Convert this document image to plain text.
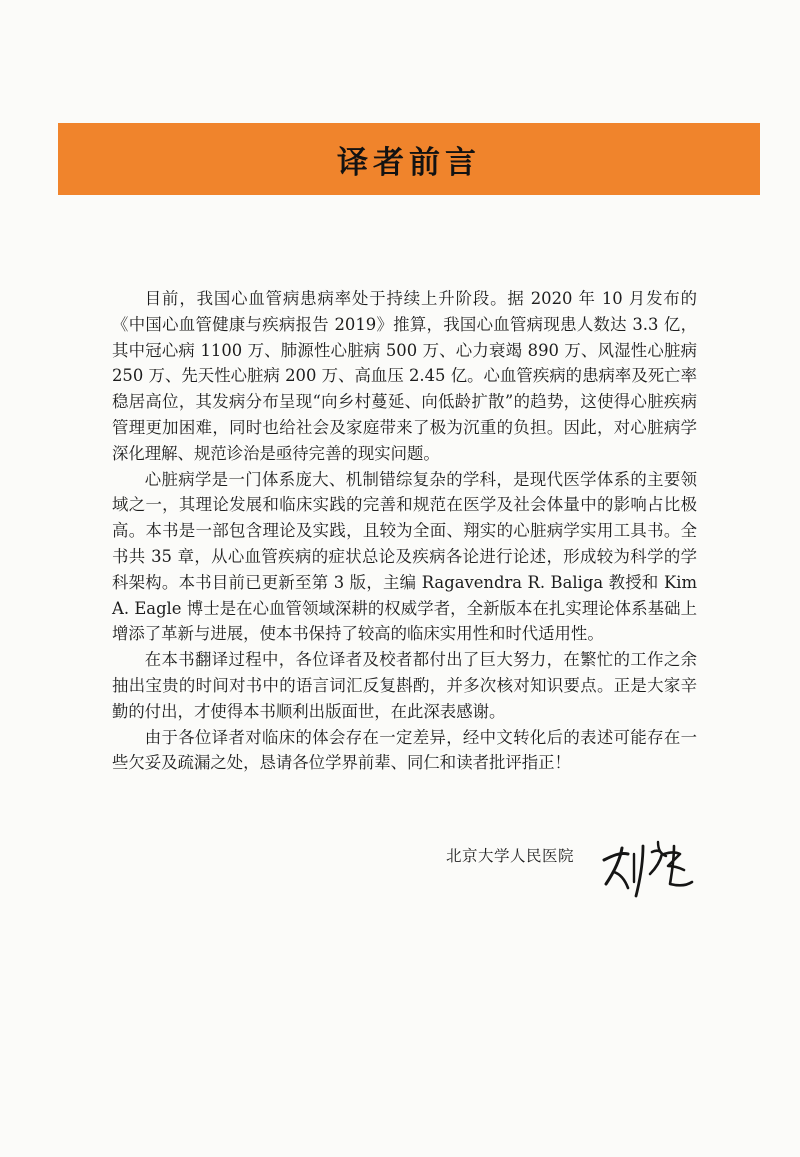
译者前言

目前，我国心血管病患病率处于持续上升阶段。据 2020 年 10 月发布的《中国心血管健康与疾病报告 2019》推算，我国心血管病现患人数达 3.3 亿，其中冠心病 1100 万、肺源性心脏病 500 万、心力衰竭 890 万、风湿性心脏病 250 万、先天性心脏病 200 万、高血压 2.45 亿。心血管疾病的患病率及死亡率稳居高位，其发病分布呈现“向乡村蔓延、向低龄扩散”的趋势，这使得心脏疾病管理更加困难，同时也给社会及家庭带来了极为沉重的负担。因此，对心脏病学深化理解、规范诊治是亟待完善的现实问题。

心脏病学是一门体系庞大、机制错综复杂的学科，是现代医学体系的主要领域之一，其理论发展和临床实践的完善和规范在医学及社会体量中的影响占比极高。本书是一部包含理论及实践，且较为全面、翔实的心脏病学实用工具书。全书共 35 章，从心血管疾病的症状总论及疾病各论进行论述，形成较为科学的学科架构。本书目前已更新至第 3 版，主编 Ragavendra R. Baliga 教授和 Kim A. Eagle 博士是在心血管领域深耕的权威学者，全新版本在扎实理论体系基础上增添了革新与进展，使本书保持了较高的临床实用性和时代适用性。

在本书翻译过程中，各位译者及校者都付出了巨大努力，在繁忙的工作之余抽出宝贵的时间对书中的语言词汇反复斟酌，并多次核对知识要点。正是大家辛勤的付出，才使得本书顺利出版面世，在此深表感谢。

由于各位译者对临床的体会存在一定差异，经中文转化后的表述可能存在一些欠妥及疏漏之处，恳请各位学界前辈、同仁和读者批评指正！

北京大学人民医院
